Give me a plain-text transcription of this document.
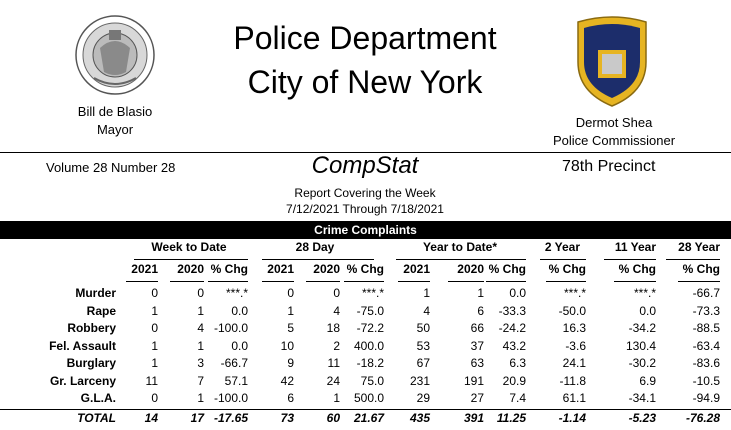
Bill de Blasio
Mayor
Police Department
City of New York
Dermot Shea
Police Commissioner
Volume 28 Number 28	CompStat	78th Precinct
Report Covering the Week
7/12/2021 Through 7/18/2021
Crime Complaints
Week to Date	28 Day	Year to Date*	2 Year	11 Year	28 Year
2021	2020 % Chg	2021	2020 % Chg	2021	2020 % Chg	% Chg	% Chg	% Chg
Murder	0	0	***.*	0	0	***.*	1	1	0.0	***.*	***.*	-66.7
Rape	1	1	0.0	1	4	-75.0	4	6	-33.3	-50.0	0.0	-73.3
Robbery	0	4 -100.0	5	18	-72.2	50	66	-24.2	16.3	-34.2	-88.5
Fel. Assault	1	1	0.0	10	2	400.0	53	37	43.2	-3.6	130.4	-63.4
Burglary	1	3	-66.7	9	11	-18.2	67	63	6.3	24.1	-30.2	-83.6
Gr. Larceny	11	7	57.1	42	24	75.0	231	191	20.9	-11.8	6.9	-10.5
G.L.A.	0	1 -100.0	6	1	500.0	29	27	7.4	61.1	-34.1	-94.9
TOTAL	14	17 -17.65	73	60	21.67	435	391	11.25	-1.14	-5.23	-76.28
